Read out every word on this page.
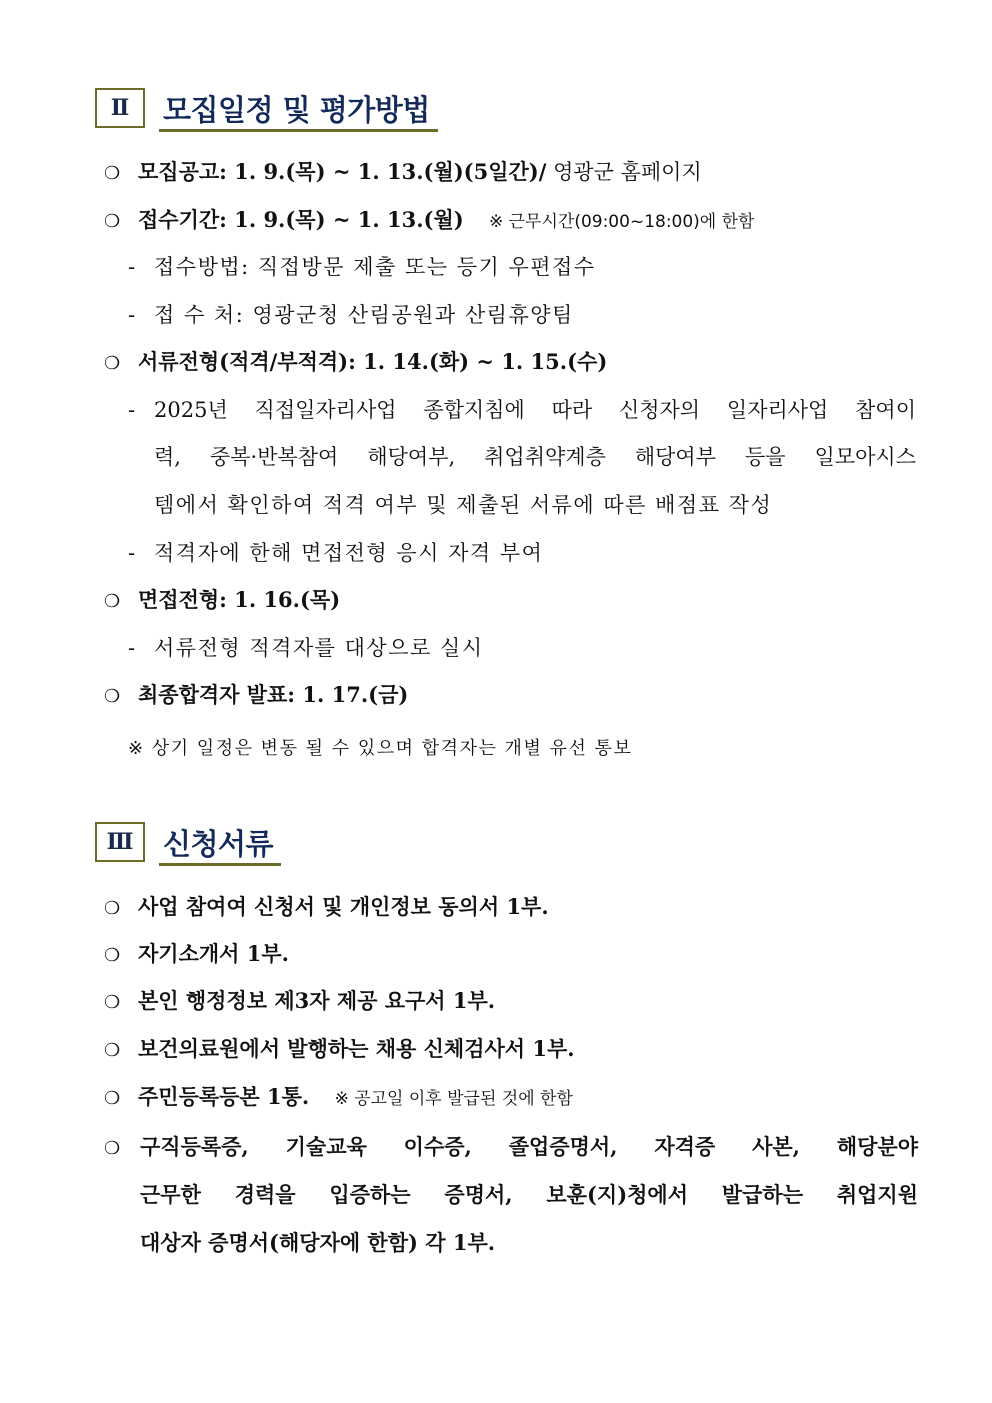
Ⅱ	모집일정 및 평가방법
❍ 모집공고: 1. 9.(목) ~ 1. 13.(월)(5일간)/ 영광군 홈페이지
❍ 접수기간: 1. 9.(목) ~ 1. 13.(월) ※ 근무시간(09:00~18:00)에 한함
- 접수방법: 직접방문 제출 또는 등기 우편접수
- 접 수 처: 영광군청 산림공원과 산림휴양팀
❍ 서류전형(적격/부적격): 1. 14.(화) ~ 1. 15.(수)
- 2025년 직접일자리사업 종합지침에 따라 신청자의 일자리사업 참여이
력, 중복·반복참여 해당여부, 취업취약계층 해당여부 등을 일모아시스
템에서 확인하여 적격 여부 및 제출된 서류에 따른 배점표 작성
- 적격자에 한해 면접전형 응시 자격 부여
❍ 면접전형: 1. 16.(목)
- 서류전형 적격자를 대상으로 실시
❍ 최종합격자 발표: 1. 17.(금)
※ 상기 일정은 변동 될 수 있으며 합격자는 개별 유선 통보
Ⅲ	신청서류
❍ 사업 참여여 신청서 및 개인정보 동의서 1부.
❍ 자기소개서 1부.
❍ 본인 행정정보 제3자 제공 요구서 1부.
❍ 보건의료원에서 발행하는 채용 신체검사서 1부.
❍ 주민등록등본 1통. ※ 공고일 이후 발급된 것에 한함
❍ 구직등록증, 기술교육 이수증, 졸업증명서, 자격증 사본, 해당분야
근무한 경력을 입증하는 증명서, 보훈(지)청에서 발급하는 취업지원
대상자 증명서(해당자에 한함) 각 1부.
